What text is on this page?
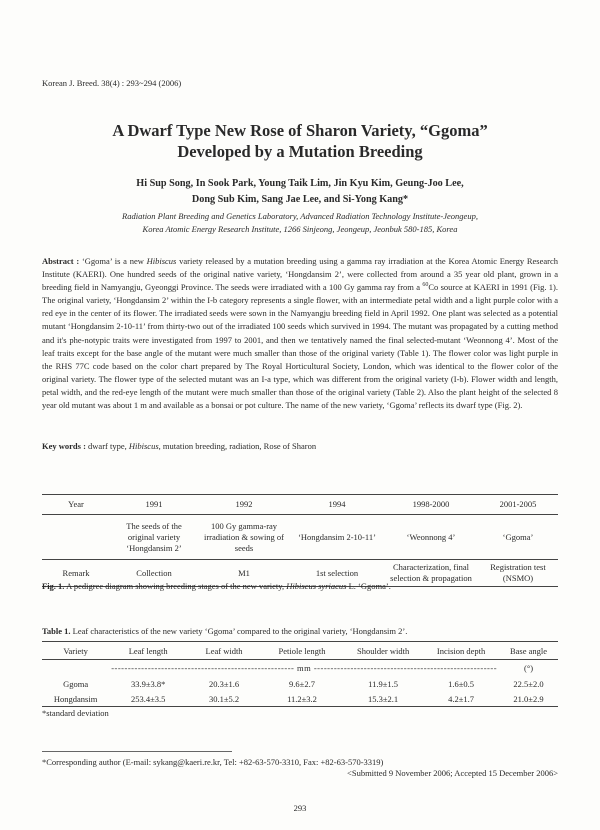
Korean J. Breed. 38(4) : 293~294 (2006)
A Dwarf Type New Rose of Sharon Variety, “Ggoma”
Developed by a Mutation Breeding
Hi Sup Song, In Sook Park, Young Taik Lim, Jin Kyu Kim, Geung-Joo Lee,
Dong Sub Kim, Sang Jae Lee, and Si-Yong Kang*
Radiation Plant Breeding and Genetics Laboratory, Advanced Radiation Technology Institute-Jeongeup,
Korea Atomic Energy Research Institute, 1266 Sinjeong, Jeongeup, Jeonbuk 580-185, Korea
Abstract : ‘Ggoma’ is a new Hibiscus variety released by a mutation breeding using a gamma ray irradiation at the Korea Atomic Energy Research Institute (KAERI). One hundred seeds of the original native variety, ‘Hongdansim 2’, were collected from around a 35 year old plant, grown in a breeding field in Namyangju, Gyeonggi Province. The seeds were irradiated with a 100 Gy gamma ray from a $^{60}$Co source at KAERI in 1991 (Fig. 1). The original variety, ‘Hongdansim 2’ within the I-b category represents a single flower, with an intermediate petal width and a light purple color with a red eye in the center of its flower. The irradiated seeds were sown in the Namyangju breeding field in April 1992. One plant was selected as a potential mutant ‘Hongdansim 2-10-11’ from thirty-two out of the irradiated 100 seeds which survived in 1994. The mutant was propagated by a cutting method and it's phe-notypic traits were investigated from 1997 to 2001, and then we tentatively named the final selected-mutant ‘Weonnong 4’. Most of the leaf traits except for the base angle of the mutant were much smaller than those of the original variety (Table 1). The flower color was light purple in the RHS 77C code based on the color chart prepared by The Royal Horticultural Society, London, which was identical to the flower color of the original variety. The flower type of the selected mutant was an I-a type, which was different from the original variety (I-b). Flower width and length, petal width, and the red-eye length of the mutant were much smaller than those of the original variety (Table 2). Also the plant height of the selected 8 year old mutant was about 1 m and available as a bonsai or pot culture. The name of the new variety, ‘Ggoma’ reflects its dwarf type (Fig. 2).
Key words : dwarf type, Hibiscus, mutation breeding, radiation, Rose of Sharon
Year	1991	1992	1994	1998-2000	2001-2005
	The seeds of the original variety ‘Hongdansim 2’	100 Gy gamma-ray irradiation & sowing of seeds	‘Hongdansim 2-10-11’	‘Weonnong 4’	‘Ggoma’
Remark	Collection	M1	1st selection	Characterization, final selection & propagation	Registration test (NSMO)
Fig. 1. A pedigree diagram showing breeding stages of the new variety, Hibiscus syriacus L. ‘Ggoma’.
Table 1. Leaf characteristics of the new variety ‘Ggoma’ compared to the original variety, ‘Hongdansim 2’.
Variety	Leaf length	Leaf width	Petiole length	Shoulder width	Incision depth	Base angle
	------------------------------------------------------- mm -------------------------------------------------------					(°)
Ggoma	33.9±3.8*	20.3±1.6	9.6±2.7	11.9±1.5	1.6±0.5	22.5±2.0
Hongdansim	253.4±3.5	30.1±5.2	11.2±3.2	15.3±2.1	4.2±1.7	21.0±2.9
*standard deviation
*Corresponding author (E-mail: sykang@kaeri.re.kr, Tel: +82-63-570-3310, Fax: +82-63-570-3319)
<Submitted 9 November 2006; Accepted 15 December 2006>
293
